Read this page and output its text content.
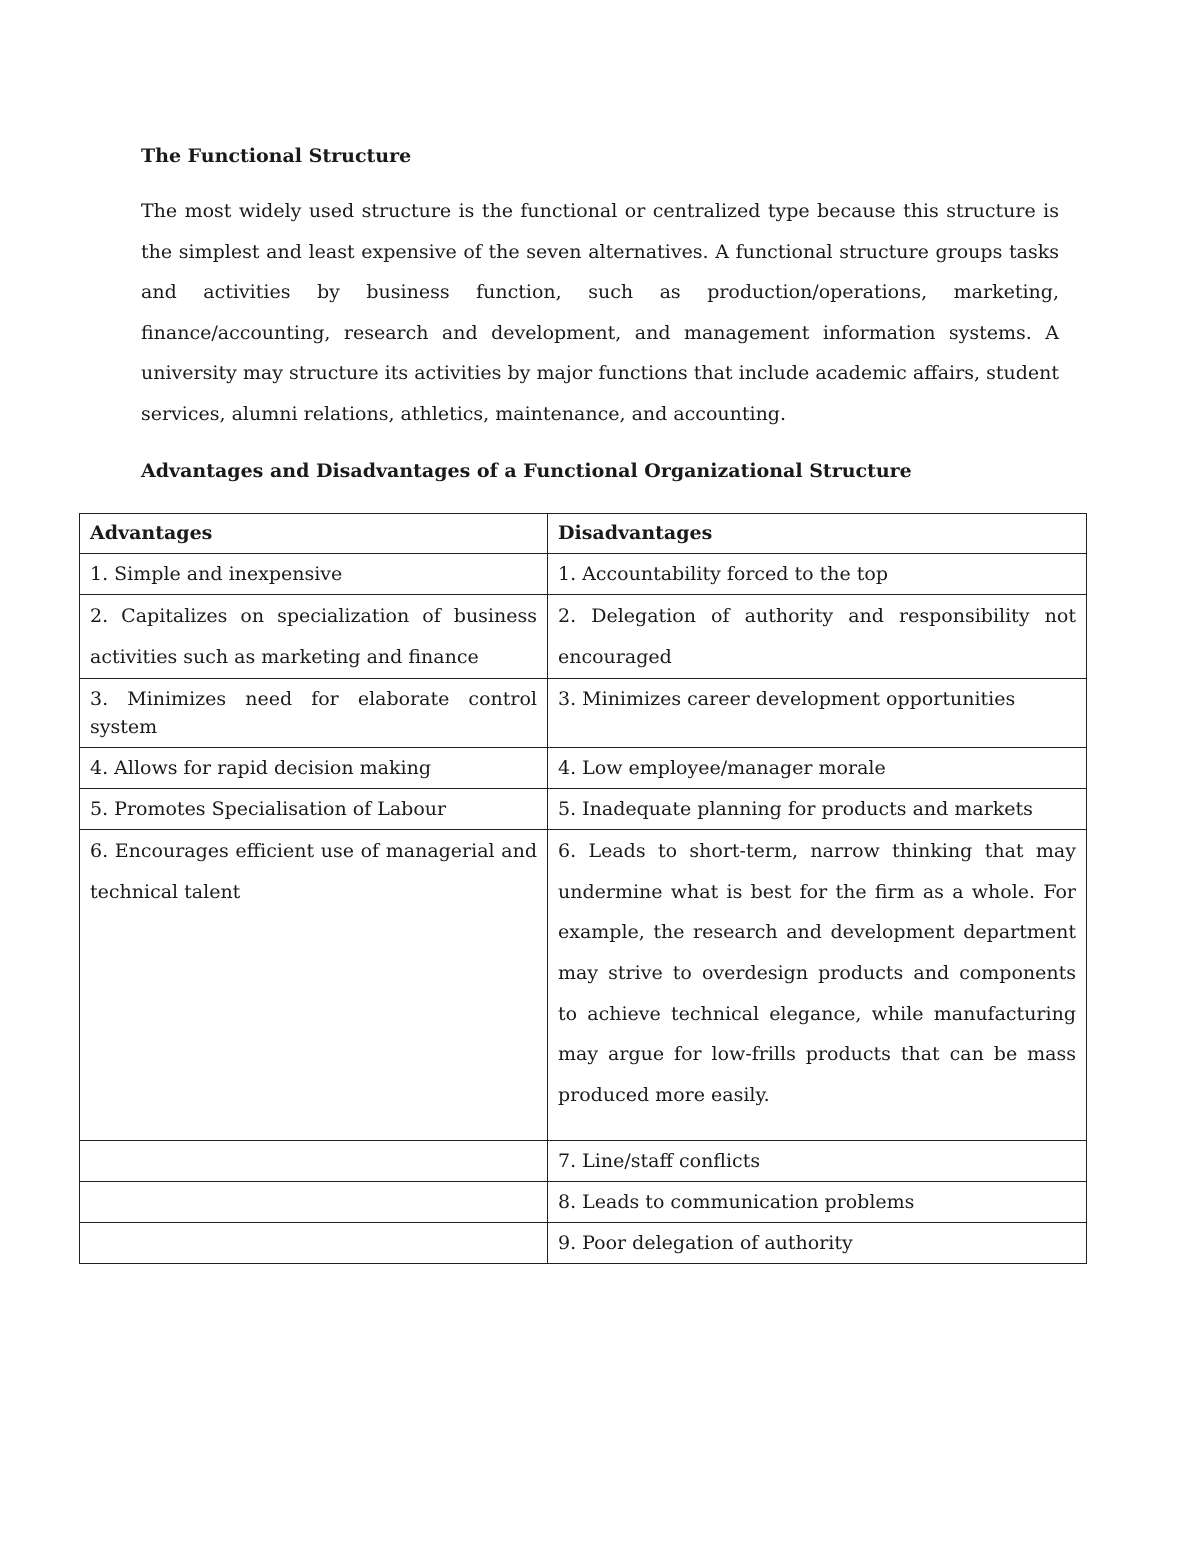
The Functional Structure

The most widely used structure is the functional or centralized type because this structure is the simplest and least expensive of the seven alternatives. A functional structure groups tasks and activities by business function, such as production/operations, marketing, finance/accounting, research and development, and management information systems. A university may structure its activities by major functions that include academic affairs, student services, alumni relations, athletics, maintenance, and accounting.

Advantages and Disadvantages of a Functional Organizational Structure
Advantages	Disadvantages
1. Simple and inexpensive	1. Accountability forced to the top
2. Capitalizes on specialization of business activities such as marketing and finance	2. Delegation of authority and responsibility not encouraged
3. Minimizes need for elaborate control system	3. Minimizes career development opportunities
4. Allows for rapid decision making	4. Low employee/manager morale
5. Promotes Specialisation of Labour	5. Inadequate planning for products and markets
6. Encourages efficient use of managerial and technical talent	6. Leads to short-term, narrow thinking that may undermine what is best for the firm as a whole. For example, the research and development department may strive to overdesign products and components to achieve technical elegance, while manufacturing may argue for low-frills products that can be mass produced more easily.
	7. Line/staff conflicts
	8. Leads to communication problems
	9. Poor delegation of authority
